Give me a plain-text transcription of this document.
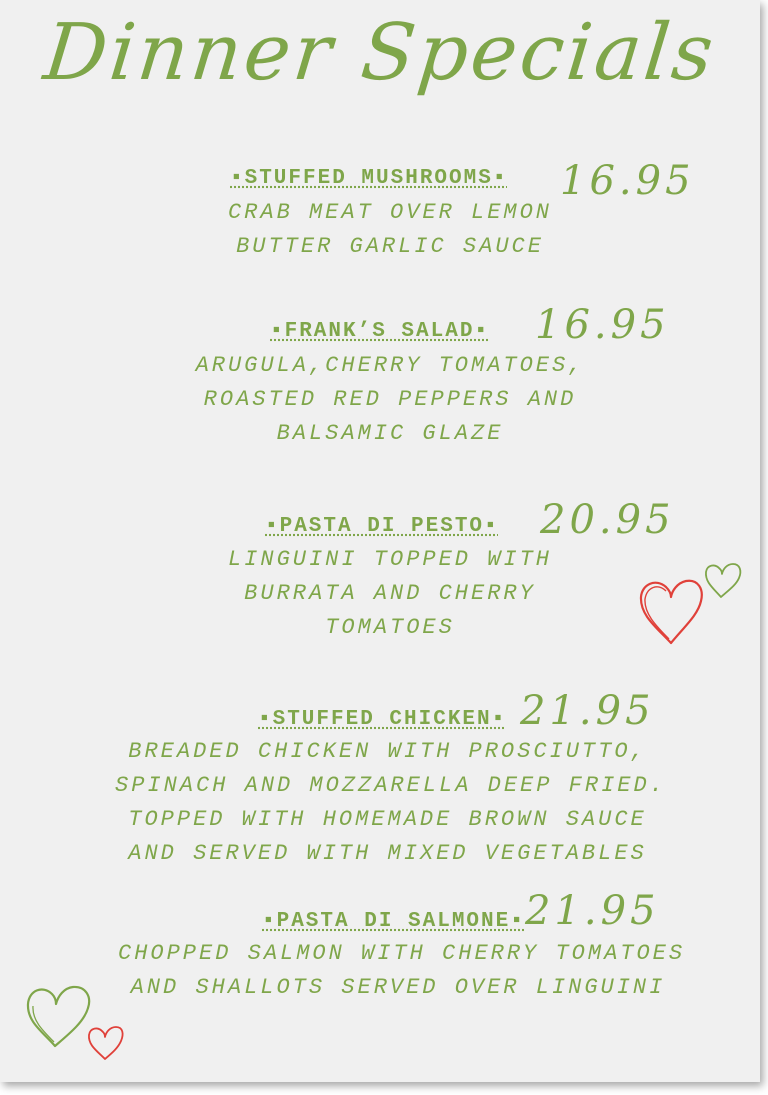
Dinner Specials
▪STUFFED MUSHROOMS▪ 16.95
CRAB MEAT OVER LEMON
BUTTER GARLIC SAUCE
▪FRANK’S SALAD▪ 16.95
ARUGULA,CHERRY TOMATOES,
ROASTED RED PEPPERS AND
BALSAMIC GLAZE
▪PASTA DI PESTO▪ 20.95
LINGUINI TOPPED WITH
BURRATA AND CHERRY
TOMATOES
▪STUFFED CHICKEN▪ 21.95
BREADED CHICKEN WITH PROSCIUTTO,
SPINACH AND MOZZARELLA DEEP FRIED.
TOPPED WITH HOMEMADE BROWN SAUCE
AND SERVED WITH MIXED VEGETABLES
▪PASTA DI SALMONE▪ 21.95
CHOPPED SALMON WITH CHERRY TOMATOES
AND SHALLOTS SERVED OVER LINGUINI
